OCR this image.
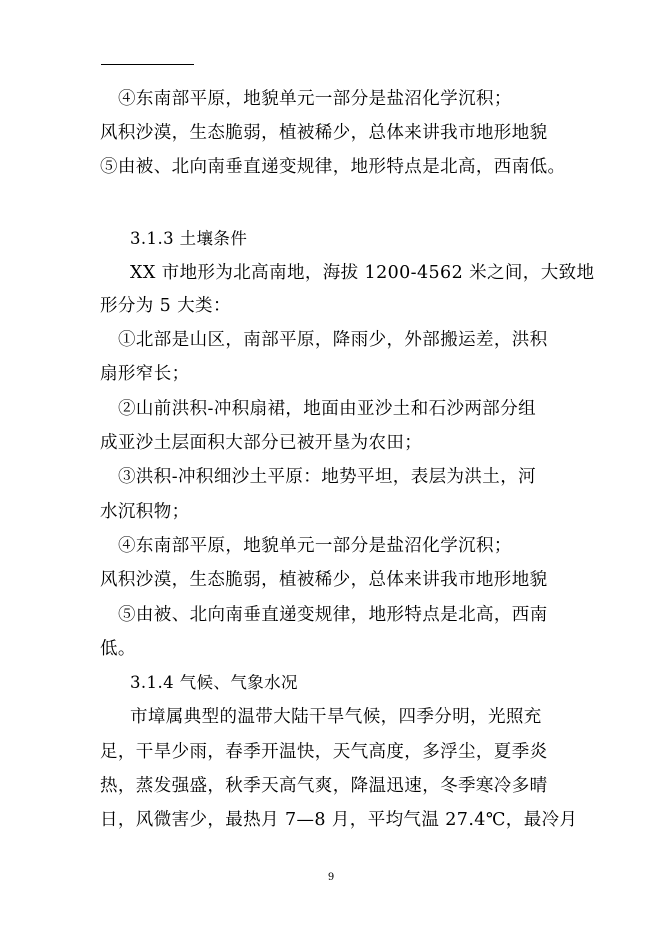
④东南部平原，地貌单元一部分是盐沼化学沉积；
风积沙漠，生态脆弱，植被稀少，总体来讲我市地形地貌
⑤由被、北向南垂直递变规律，地形特点是北高，西南低。
3.1.3 土壤条件
XX 市地形为北高南地，海拔 1200-4562 米之间，大致地
形分为 5 大类：
①北部是山区，南部平原，降雨少，外部搬运差，洪积
扇形窄长；
②山前洪积-冲积扇裙，地面由亚沙土和石沙两部分组
成亚沙土层面积大部分已被开垦为农田；
③洪积-冲积细沙土平原：地势平坦，表层为洪土，河
水沉积物；
④东南部平原，地貌单元一部分是盐沼化学沉积；
风积沙漠，生态脆弱，植被稀少，总体来讲我市地形地貌
⑤由被、北向南垂直递变规律，地形特点是北高，西南
低。
3.1.4 气候、气象水况
市墇属典型的温带大陆干旱气候，四季分明，光照充
足，干旱少雨，春季开温快，天气高度，多浮尘，夏季炎
热，蒸发强盛，秋季天高气爽，降温迅速，冬季寒冷多晴
日，风微害少，最热月 7—8 月，平均气温 27.4℃，最冷月
9
